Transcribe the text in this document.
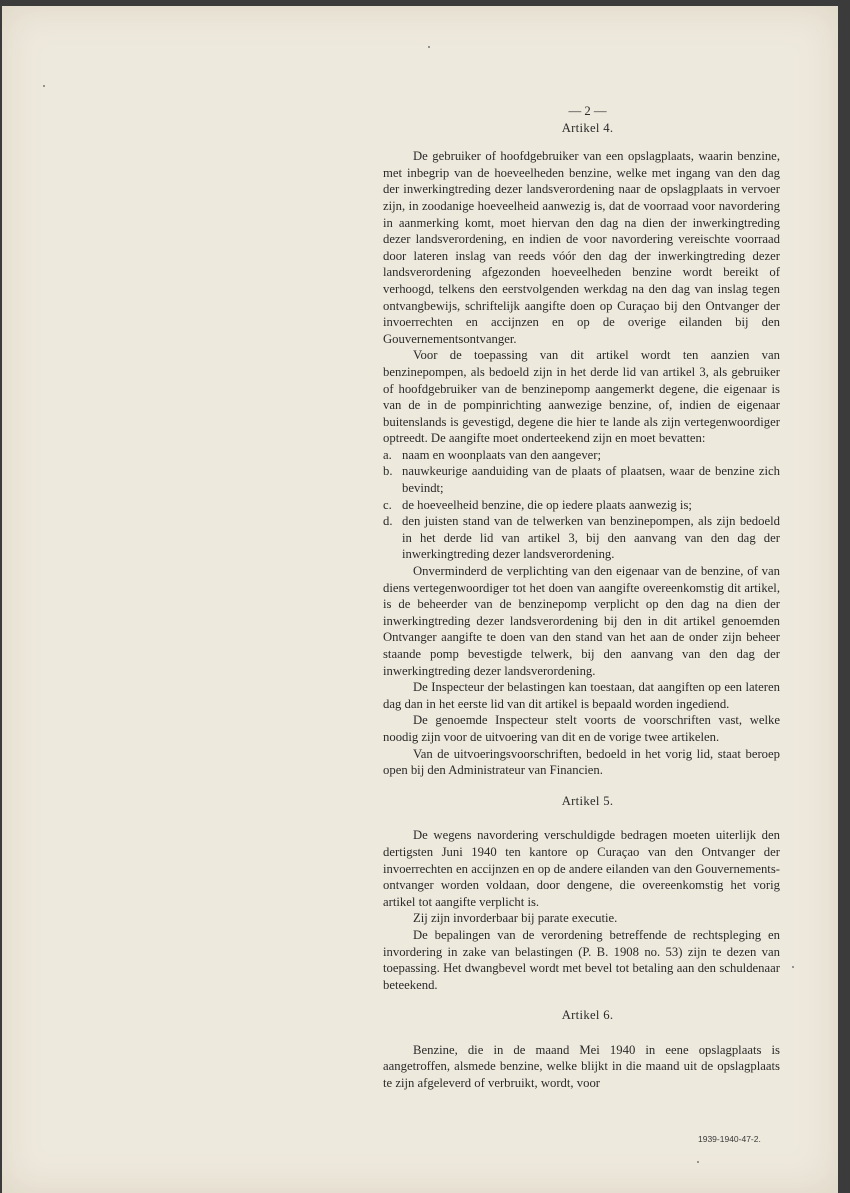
— 2 —

Artikel 4.

De gebruiker of hoofdgebruiker van een opslagplaats, waarin benzine, met inbegrip van de hoeveelheden benzine, welke met ingang van den dag der inwerkingtreding dezer landsverordening naar de opslagplaats in vervoer zijn, in zoodanige hoeveelheid aanwezig is, dat de voorraad voor navordering in aanmerking komt, moet hiervan den dag na dien der inwerkingtreding dezer landsverordening, en indien de voor navordering vereischte voorraad door lateren inslag van reeds vóór den dag der inwerkingtreding dezer landsverordening afgezonden hoeveelheden benzine wordt bereikt of verhoogd, telkens den eerstvolgenden werkdag na den dag van inslag tegen ontvangbewijs, schriftelijk aangifte doen op Curaçao bij den Ontvanger der invoerrechten en accijnzen en op de overige eilanden bij den Gouvernementsontvanger.

Voor de toepassing van dit artikel wordt ten aanzien van benzinepompen, als bedoeld zijn in het derde lid van artikel 3, als gebruiker of hoofdgebruiker van de benzinepomp aangemerkt degene, die eigenaar is van de in de pompinrichting aanwezige benzine, of, indien de eigenaar buitenslands is gevestigd, degene die hier te lande als zijn vertegenwoordiger optreedt. De aangifte moet onderteekend zijn en moet bevatten:

a. naam en woonplaats van den aangever;
b. nauwkeurige aanduiding van de plaats of plaatsen, waar de benzine zich bevindt;
c. de hoeveelheid benzine, die op iedere plaats aanwezig is;
d. den juisten stand van de telwerken van benzinepompen, als zijn bedoeld in het derde lid van artikel 3, bij den aanvang van den dag der inwerkingtreding dezer landsverordening.

Onverminderd de verplichting van den eigenaar van de benzine, of van diens vertegenwoordiger tot het doen van aangifte overeenkomstig dit artikel, is de beheerder van de benzinepomp verplicht op den dag na dien der inwerkingtreding dezer landsverordening bij den in dit artikel genoemden Ontvanger aangifte te doen van den stand van het aan de onder zijn beheer staande pomp bevestigde telwerk, bij den aanvang van den dag der inwerkingtreding dezer landsverordening.

De Inspecteur der belastingen kan toestaan, dat aangiften op een lateren dag dan in het eerste lid van dit artikel is bepaald worden ingediend.

De genoemde Inspecteur stelt voorts de voorschriften vast, welke noodig zijn voor de uitvoering van dit en de vorige twee artikelen.

Van de uitvoeringsvoorschriften, bedoeld in het vorig lid, staat beroep open bij den Administrateur van Financien.

Artikel 5.

De wegens navordering verschuldigde bedragen moeten uiterlijk den dertigsten Juni 1940 ten kantore op Curaçao van den Ontvanger der invoerrechten en accijnzen en op de andere eilanden van den Gouvernements-ontvanger worden voldaan, door dengene, die overeenkomstig het vorig artikel tot aangifte verplicht is.

Zij zijn invorderbaar bij parate executie.

De bepalingen van de verordening betreffende de rechtspleging en invordering in zake van belastingen (P. B. 1908 no. 53) zijn te dezen van toepassing. Het dwangbevel wordt met bevel tot betaling aan den schuldenaar beteekend.

Artikel 6.

Benzine, die in de maand Mei 1940 in eene opslagplaats is aangetroffen, alsmede benzine, welke blijkt in die maand uit de opslagplaats te zijn afgeleverd of verbruikt, wordt, voor

1939-1940-47-2.
